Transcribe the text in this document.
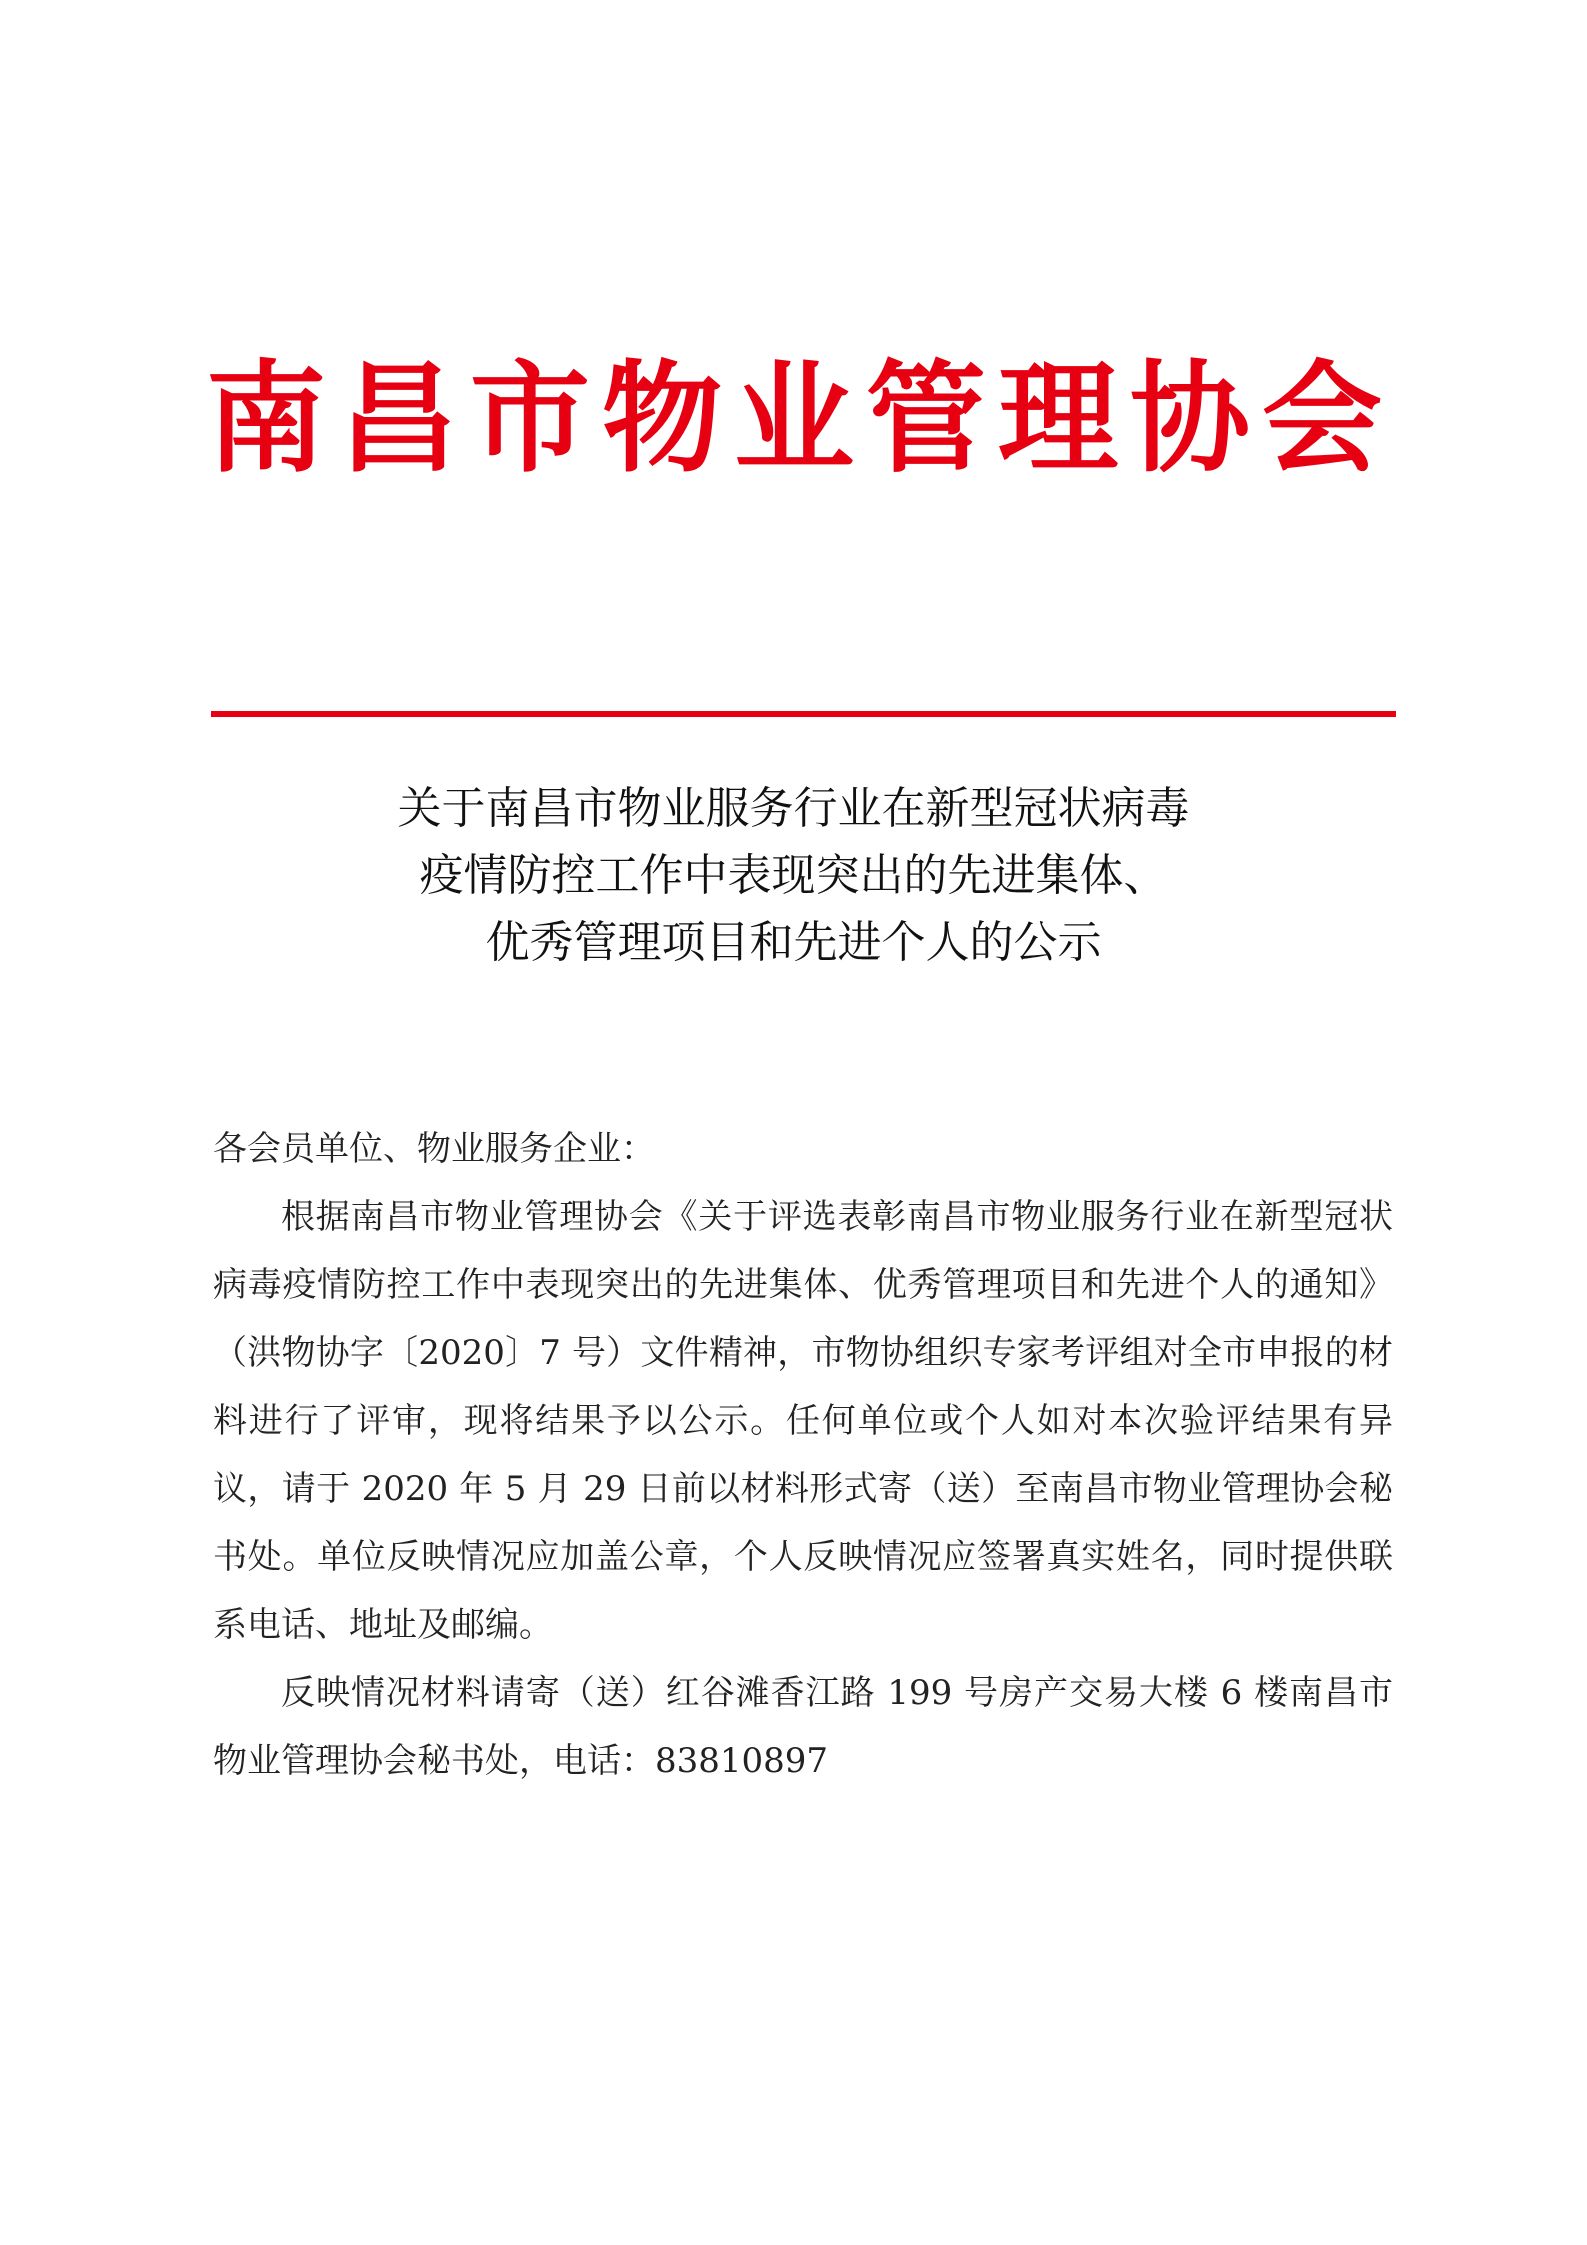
南昌市物业管理协会
关于南昌市物业服务行业在新型冠状病毒
疫情防控工作中表现突出的先进集体、
优秀管理项目和先进个人的公示

各会员单位、物业服务企业：

根据南昌市物业管理协会《关于评选表彰南昌市物业服务行业在新型冠状病毒疫情防控工作中表现突出的先进集体、优秀管理项目和先进个人的通知》（洪物协字〔2020〕7 号）文件精神，市物协组织专家考评组对全市申报的材料进行了评审，现将结果予以公示。任何单位或个人如对本次验评结果有异议，请于 2020 年 5 月 29 日前以材料形式寄（送）至南昌市物业管理协会秘书处。单位反映情况应加盖公章，个人反映情况应签署真实姓名，同时提供联系电话、地址及邮编。

反映情况材料请寄（送）红谷滩香江路 199 号房产交易大楼 6 楼南昌市物业管理协会秘书处，电话：83810897
